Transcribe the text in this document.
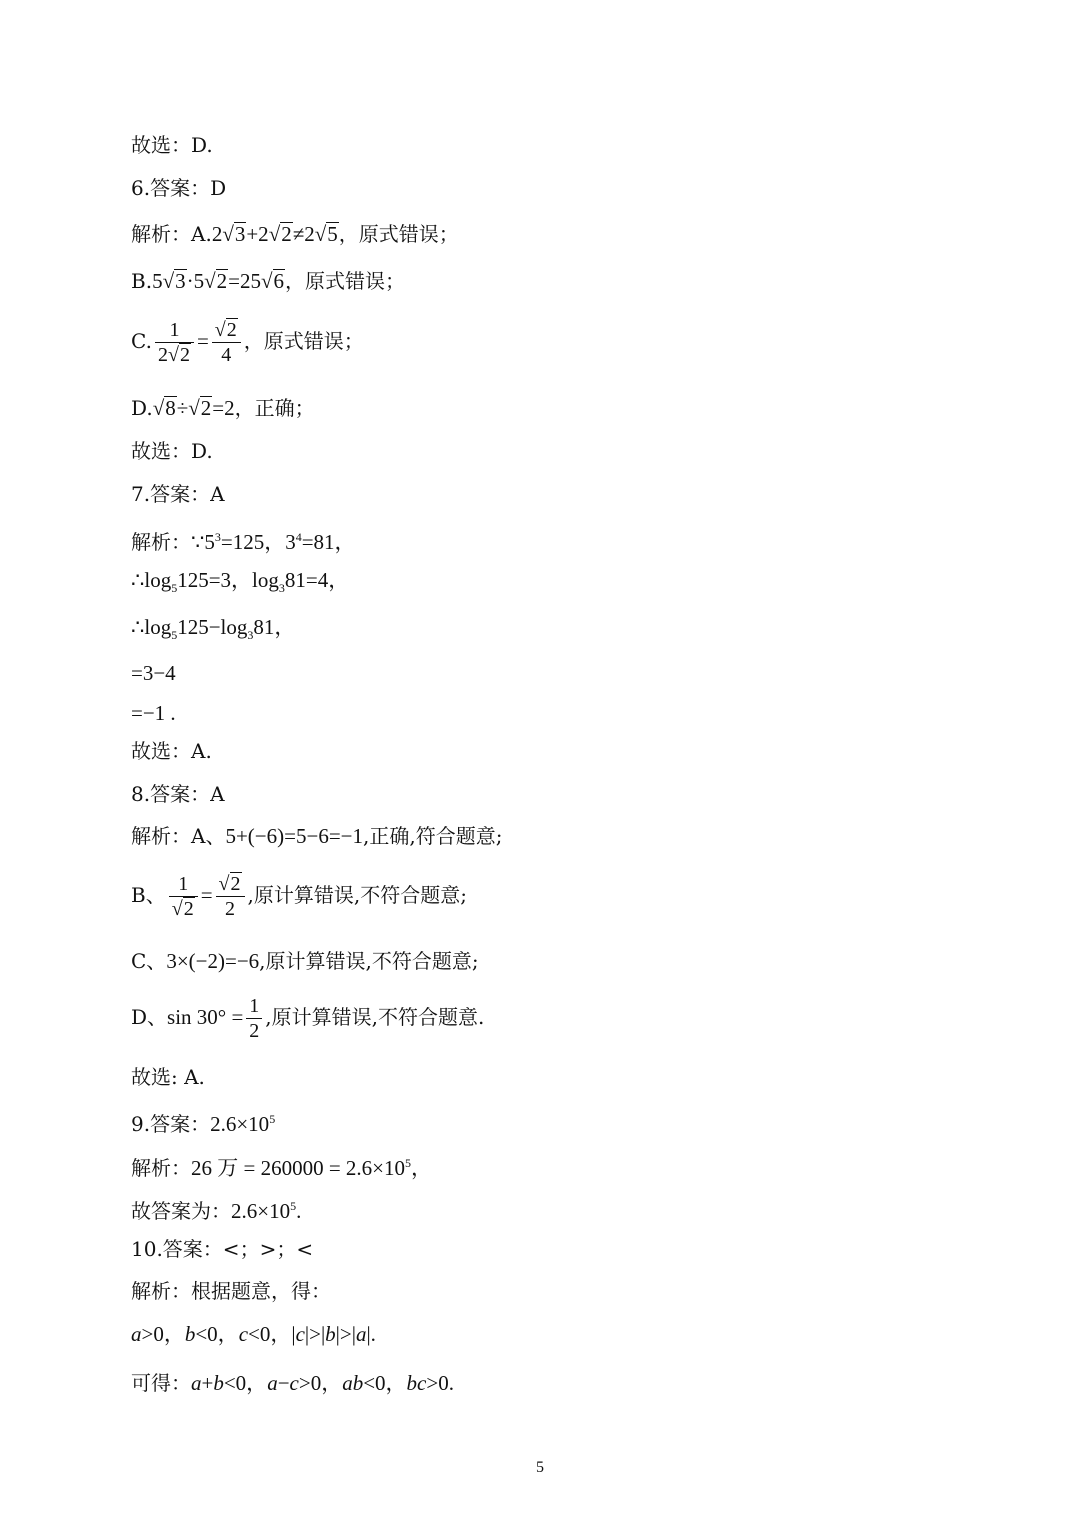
故选：D.
6.答案：D
解析：A.2√3+2√2≠2√5，原式错误；
B.5√3·5√2=25√6，原式错误；
C. $\frac{1}{2√2} = \frac{√2}{4}$ ，原式错误；
D.√8÷√2=2，正确；
故选：D.
7.答案：A
解析：$\because 5^3=125$，$3^4=81$，
$\therefore\log_5125=3$，$\log_381=4$，
$\therefore\log_5125-\log_381$，
=3−4
=−1 .
故选：A.
8.答案：A
解析：A、5+(−6)=5−6=−1,正确,符合题意;
B、 $\frac{1}{√2} = \frac{√2}{2}$ ,原计算错误,不符合题意;
C、3×(−2)=−6,原计算错误,不符合题意;
D、$\sin 30^\circ = \frac{1}{2}$ ,原计算错误,不符合题意.
故选: A.
9.答案：$2.6\times 10^5$
解析：26 万 = $260000 = 2.6\times 10^5$，
故答案为：$2.6\times 10^5$.
10.答案：<；>；<
解析：根据题意，得：
a>0，b<0，c<0，|c|>|b|>|a|.
可得：a+b<0，a−c>0，ab<0，bc>0.
5
